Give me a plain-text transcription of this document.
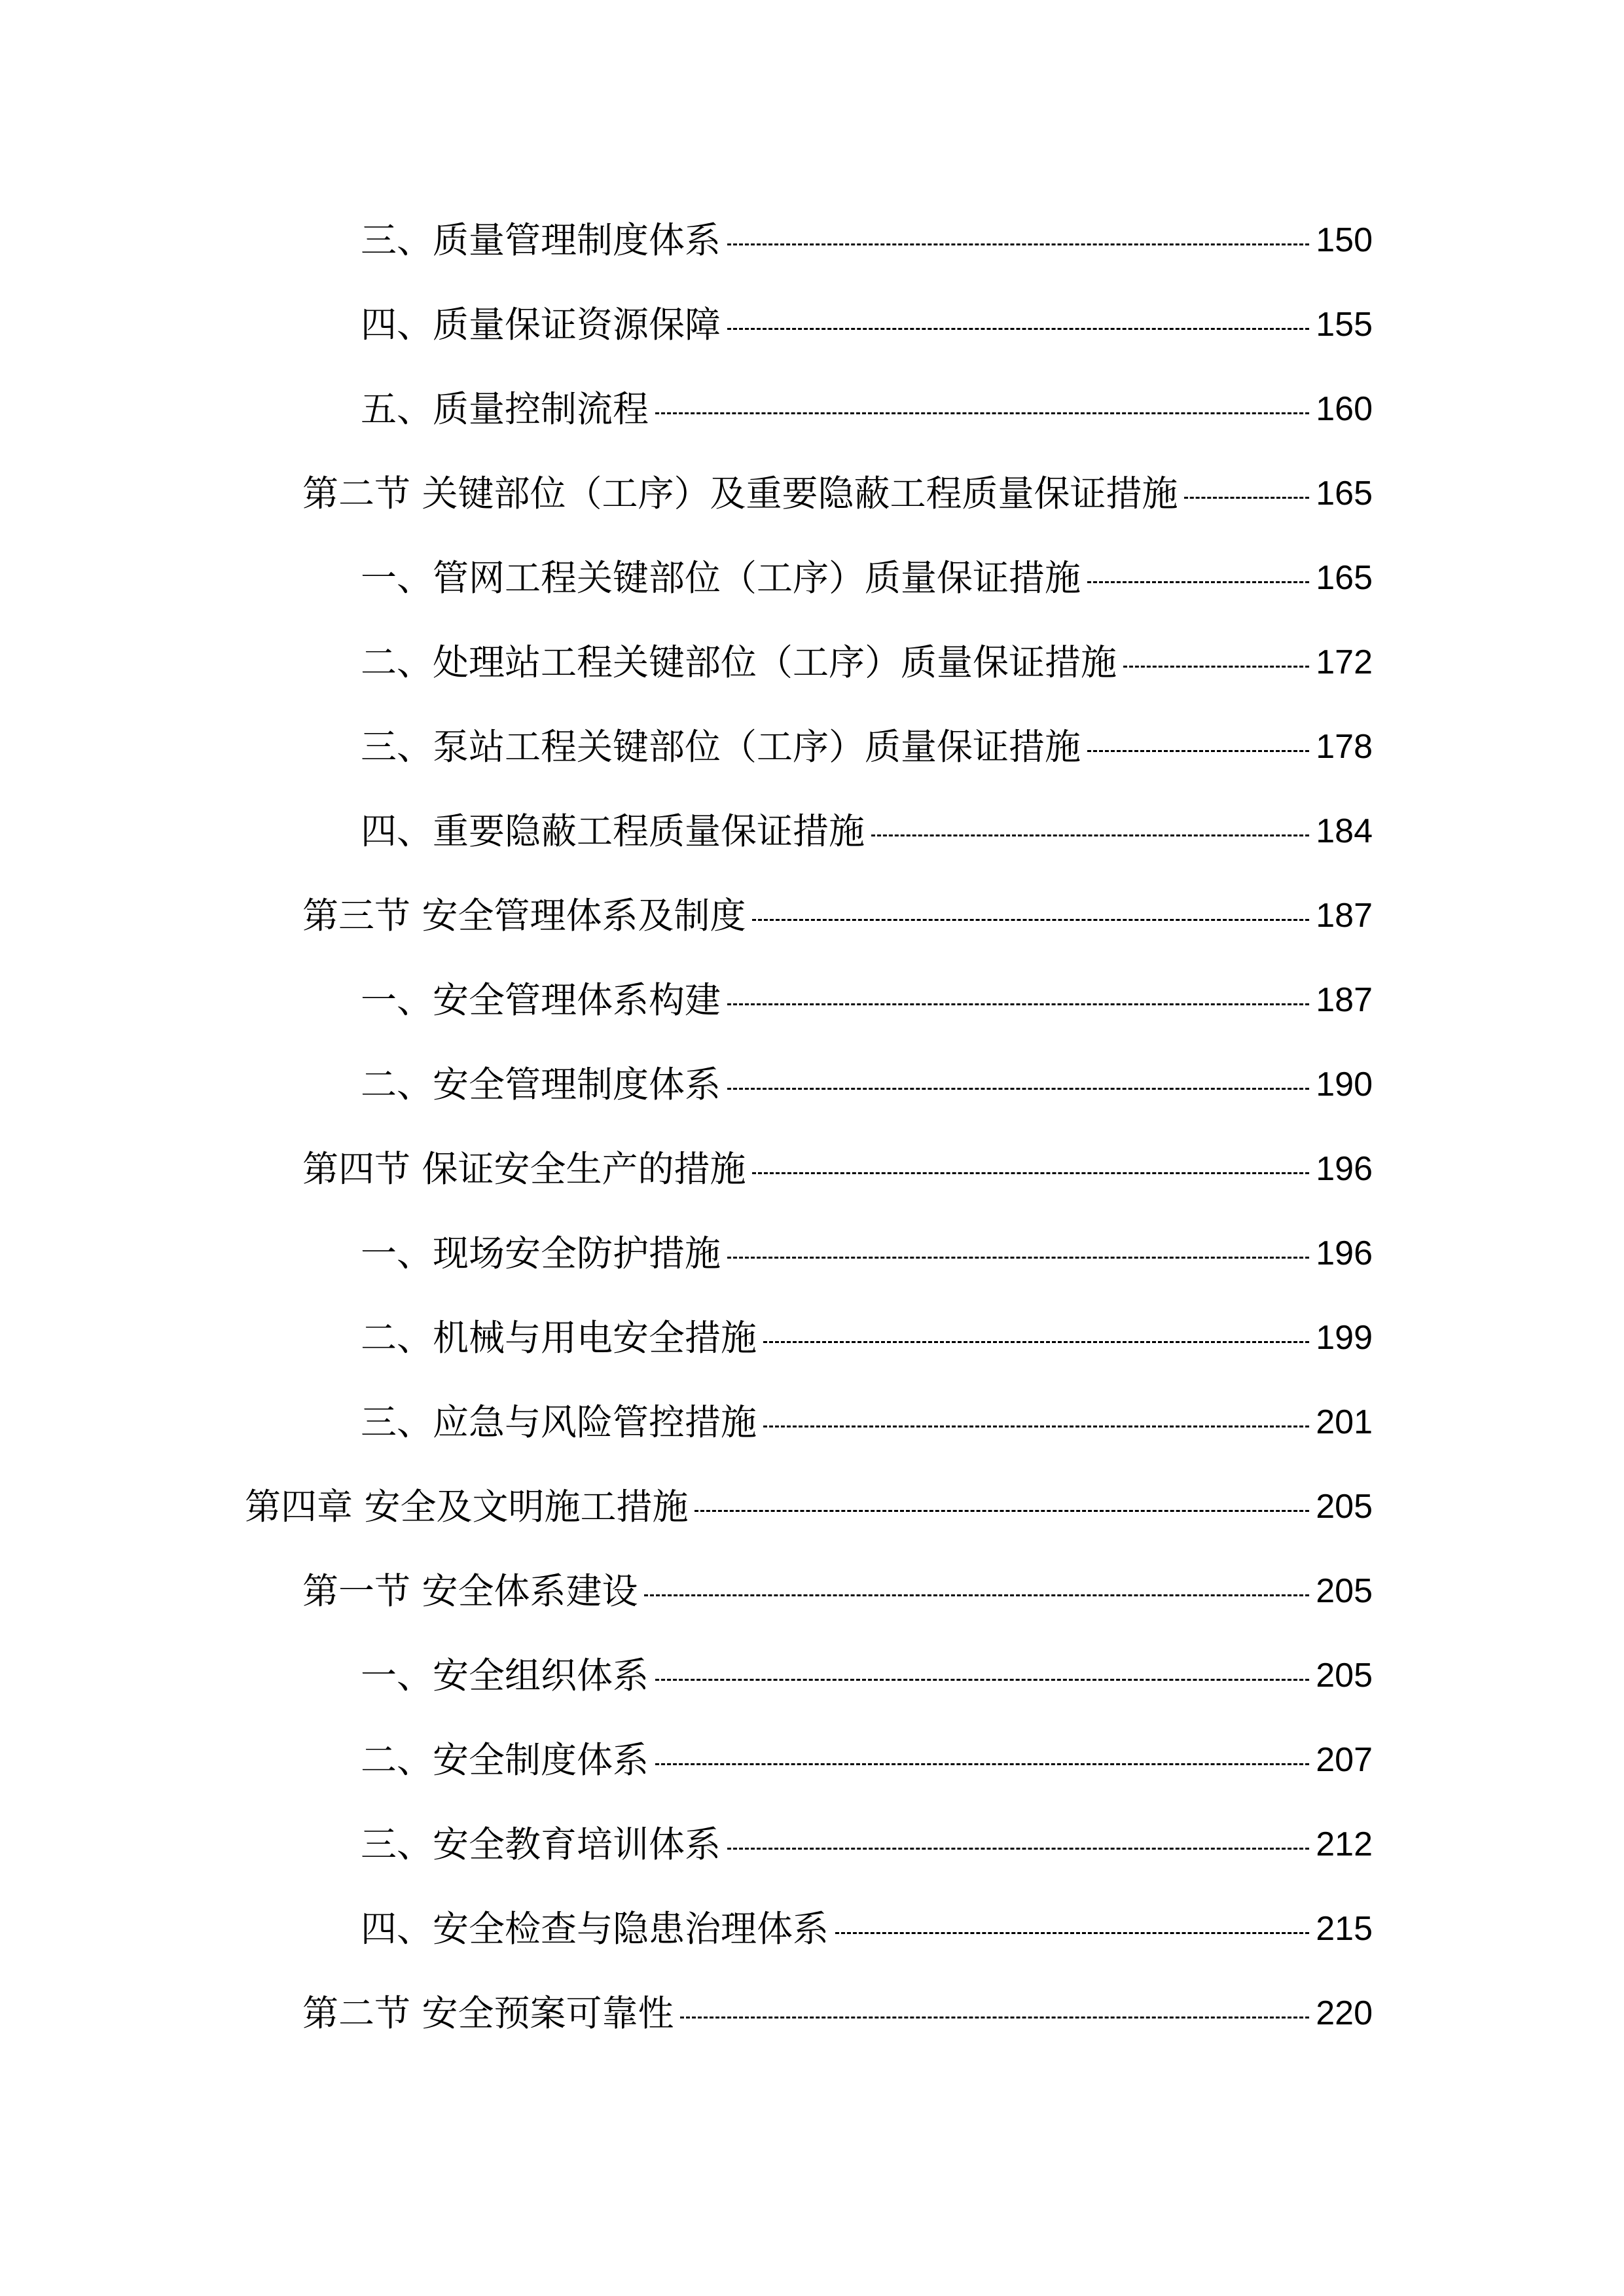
三、质量管理制度体系	150
四、质量保证资源保障	155
五、质量控制流程	160
第二节 关键部位（工序）及重要隐蔽工程质量保证措施	165
一、管网工程关键部位（工序）质量保证措施	165
二、处理站工程关键部位（工序）质量保证措施	172
三、泵站工程关键部位（工序）质量保证措施	178
四、重要隐蔽工程质量保证措施	184
第三节 安全管理体系及制度	187
一、安全管理体系构建	187
二、安全管理制度体系	190
第四节 保证安全生产的措施	196
一、现场安全防护措施	196
二、机械与用电安全措施	199
三、应急与风险管控措施	201
第四章 安全及文明施工措施	205
第一节 安全体系建设	205
一、安全组织体系	205
二、安全制度体系	207
三、安全教育培训体系	212
四、安全检查与隐患治理体系	215
第二节 安全预案可靠性	220
